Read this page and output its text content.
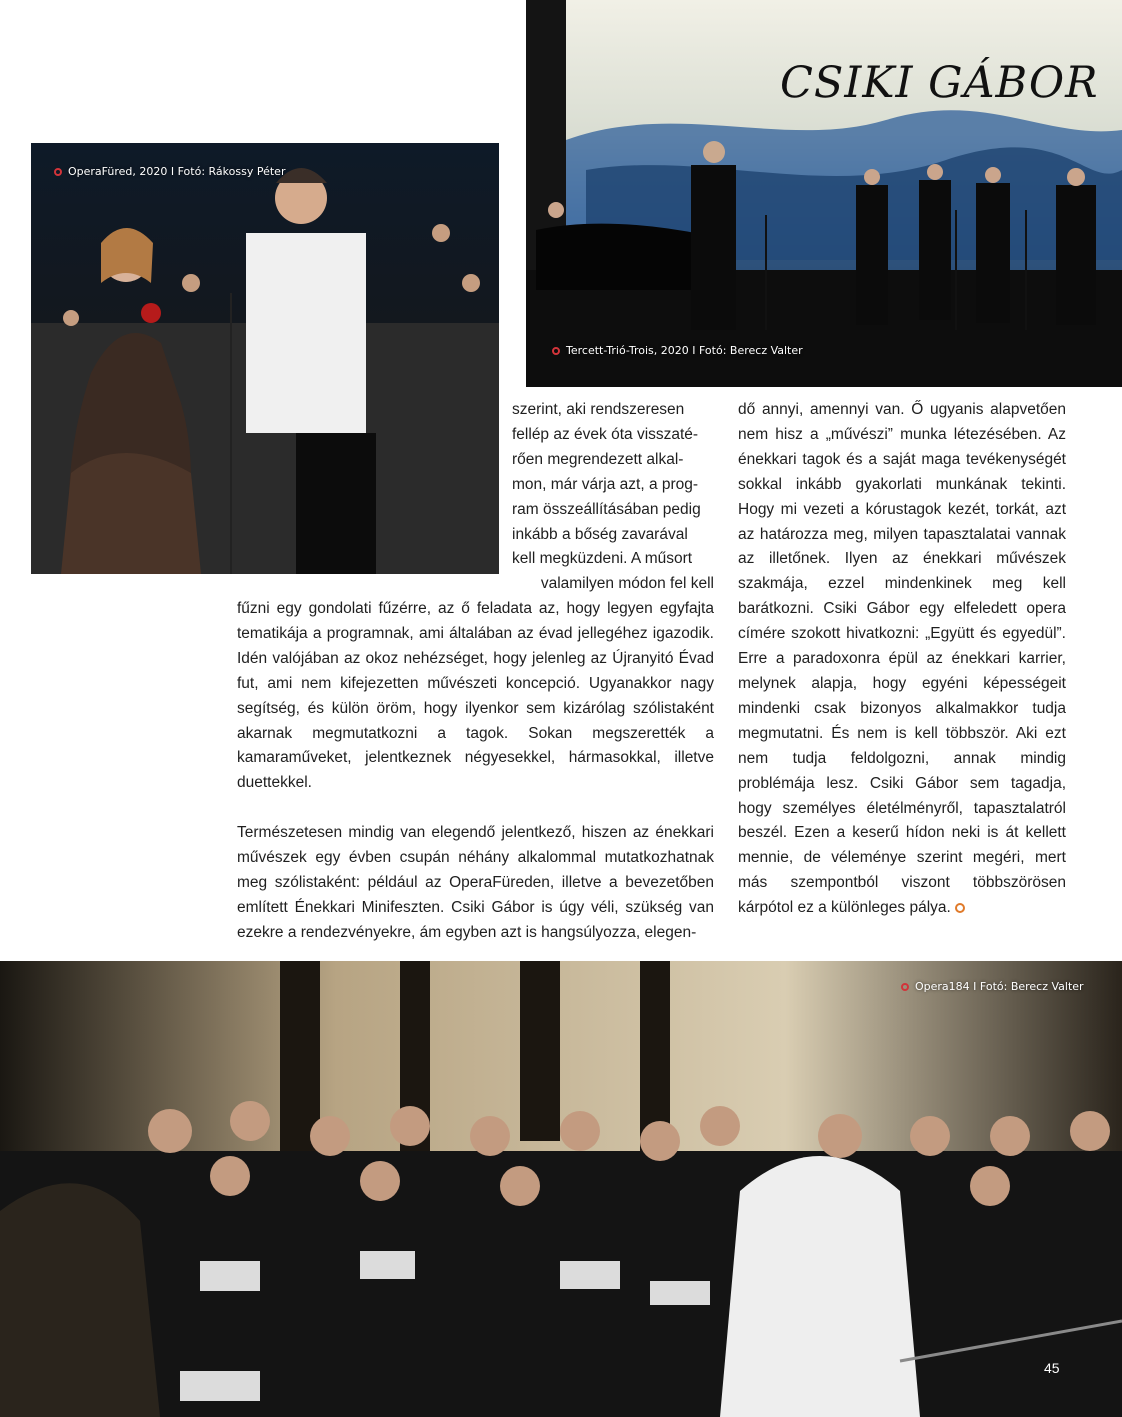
CSIKI GÁBOR
OperaFüred, 2020 I Fotó: Rákossy Péter
Tercett-Trió-Trois, 2020 I Fotó: Berecz Valter
szerint, aki rendszeresen
fellép az évek óta visszaté-
rően megrendezett alkal-
mon, már várja azt, a prog-
ram összeállításában pedig
inkább a bőség zavarával
kell megküzdeni. A műsort
valamilyen módon fel kell

fűzni egy gondolati fűzérre, az ő feladata az, hogy legyen egyfajta tematikája a programnak, ami általában az évad jellegéhez igazodik. Idén valójában az okoz nehézséget, hogy jelenleg az Újranyitó Évad fut, ami nem kifejezetten művészeti koncepció. Ugyanakkor nagy segítség, és külön öröm, hogy ilyenkor sem kizárólag szólistaként akarnak megmutatkozni a tagok. Sokan megszerették a kamaraműveket, jelentkeznek négyesekkel, hármasokkal, illetve duettekkel.

Természetesen mindig van elegendő jelentkező, hiszen az énekkari művészek egy évben csupán néhány alkalommal mutatkozhatnak meg szólistaként: például az OperaFüreden, illetve a bevezetőben említett Énekkari Minifeszten. Csiki Gábor is úgy véli, szükség van ezekre a rendezvényekre, ám egyben azt is hangsúlyozza, elegen-

dő annyi, amennyi van. Ő ugyanis alapvetően nem hisz a „művészi” munka létezésében. Az énekkari tagok és a saját maga tevékenységét sokkal inkább gyakorlati munkának tekinti. Hogy mi vezeti a kórustagok kezét, torkát, azt az határozza meg, milyen tapasztalatai vannak az illetőnek. Ilyen az énekkari művészek szakmája, ezzel mindenkinek meg kell barátkozni. Csiki Gábor egy elfeledett opera címére szokott hivatkozni: „Együtt és egyedül”. Erre a paradoxonra épül az énekkari karrier, melynek alapja, hogy egyéni képességeit mindenki csak bizonyos alkalmakkor tudja megmutatni. És nem is kell többször. Aki ezt nem tudja feldolgozni, annak mindig problémája lesz. Csiki Gábor sem tagadja, hogy személyes életélményről, tapasztalatról beszél. Ezen a keserű hídon neki is át kellett mennie, de véleménye szerint megéri, mert más szempontból viszont többszörösen kárpótol ez a különleges pálya.

Opera184 I Fotó: Berecz Valter
45
